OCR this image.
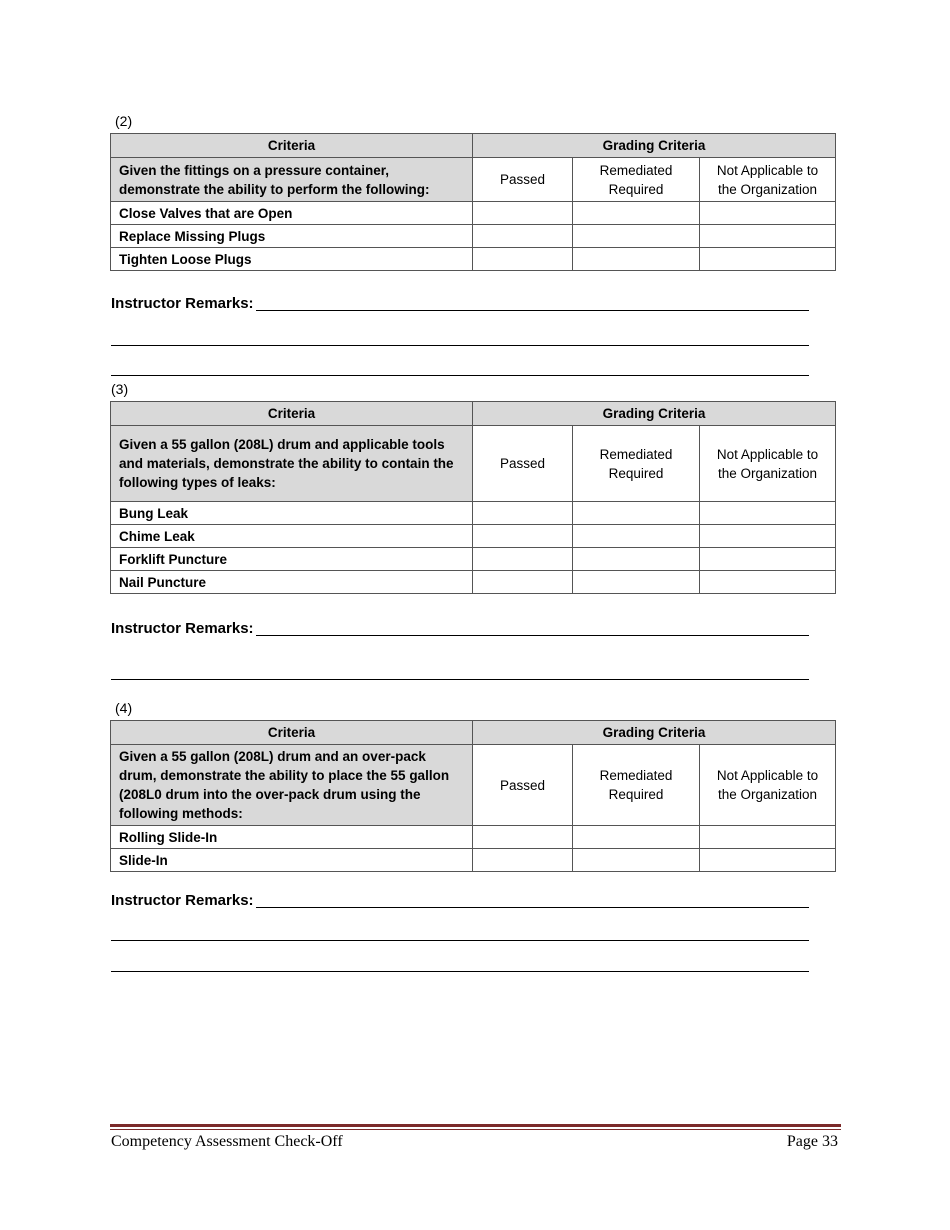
(2)
Criteria	Grading Criteria		
Given the fittings on a pressure container, demonstrate the ability to perform the following:	Passed	Remediated Required	Not Applicable to the Organization
Close Valves that are Open			
Replace Missing Plugs			
Tighten Loose Plugs			
Instructor Remarks:
(3)
Criteria	Grading Criteria		
Given a 55 gallon (208L) drum and applicable tools and materials, demonstrate the ability to contain the following types of leaks:	Passed	Remediated Required	Not Applicable to the Organization
Bung Leak			
Chime Leak			
Forklift Puncture			
Nail Puncture			
Instructor Remarks:
(4)
Criteria	Grading Criteria		
Given a 55 gallon (208L) drum and an over-pack drum, demonstrate the ability to place the 55 gallon (208L0 drum into the over-pack drum using the following methods:	Passed	Remediated Required	Not Applicable to the Organization
Rolling Slide-In			
Slide-In			
Instructor Remarks:
Competency Assessment Check-Off	Page 33
